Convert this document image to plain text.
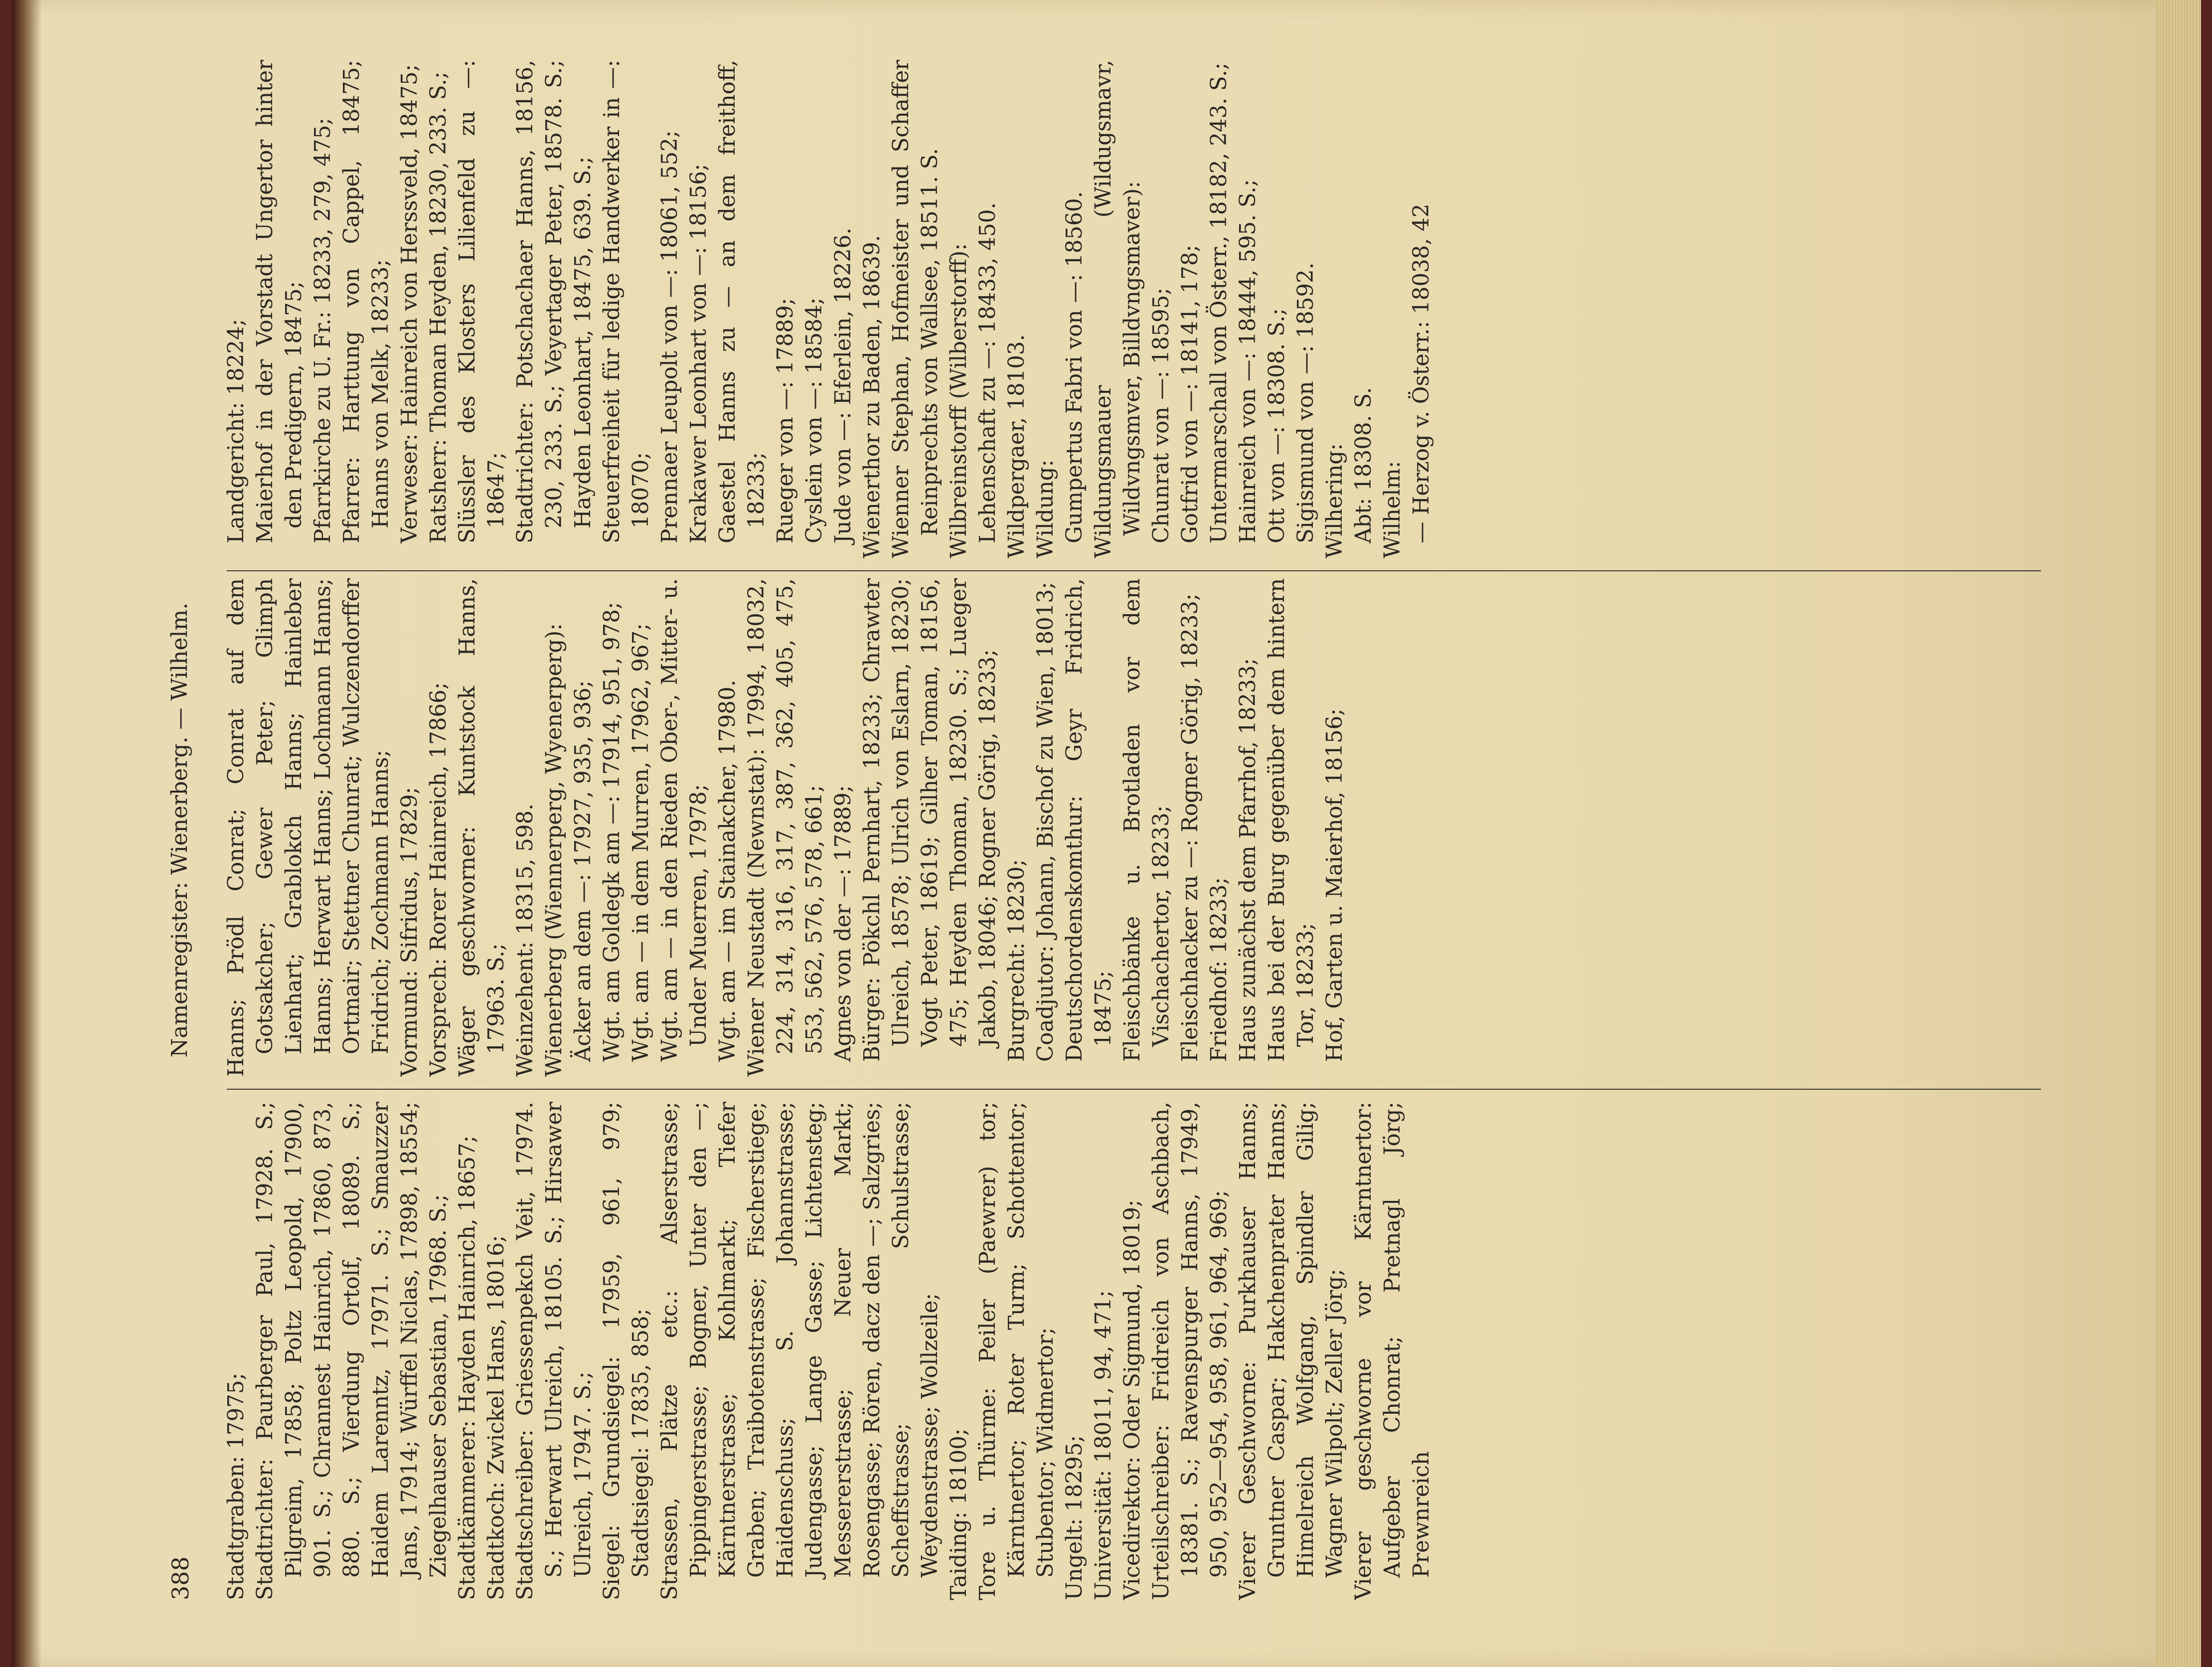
388
Namenregister: Wienerberg. — Wilhelm.

Stadtgraben: 17975; Stadtrichter: Paurberger Paul, 17928. S.; Pilgreim, 17858; Poltz Leopold, 17900, 901. S.; Chrannest Hainrich, 17860, 873, 880. S.; Vierdung Ortolf, 18089. S.; Haidem Larenntz, 17971. S.; Smauzzer Jans, 17914; Würffel Niclas, 17898, 18554; Ziegelhauser Sebastian, 17968. S.; Stadtkämmerer: Hayden Hainrich, 18657; Stadtkoch: Zwickel Hans, 18016; Stadtschreiber: Griessenpekch Veit, 17974. S.; Herwart Ulreich, 18105. S.; Hirsawer Ulreich, 17947. S.; Siegel: Grundsiegel: 17959, 961, 979; Stadtsiegel: 17835, 858; Strassen, Plätze etc.: Alserstrasse; Pippingerstrasse; Bogner, Unter den —; Kärntnerstrasse; Kohlmarkt; Tiefer Graben; Traibotenstrasse; Fischerstiege; Haidenschuss; S. Johannstrasse; Judengasse; Lange Gasse; Lichtensteg; Messererstrasse; Neuer Markt; Rosengasse; Rören, dacz den —; Salzgries; Scheffstrasse; Schulstrasse; Weydenstrasse; Wollzeile; Taiding: 18100; Tore u. Thürme: Peiler (Paewrer) tor; Kärntnertor; Roter Turm; Schottentor; Stubentor; Widmertor; Ungelt: 18295; Universität: 18011, 94, 471; Vicedirektor: Oder Sigmund, 18019; Urteilschreiber: Fridreich von Aschbach, 18381. S.; Ravenspurger Hanns, 17949, 950, 952—954, 958, 961, 964, 969; Vierer Geschworne: Purkhauser Hanns; Gruntner Caspar; Hakchenprater Hanns; Himelreich Wolfgang, Spindler Gilig; Wagner Wilpolt; Zeller Jörg; Vierer geschworne vor Kärntnertor: Aufgeber Chonrat; Pretnagl Jörg; Prewnreich

Hanns; Prödl Conrat; Conrat auf dem Gotsakcher; Gewer Peter; Glimph Lienhart; Grablokch Hanns; Hainleber Hanns; Herwart Hanns; Lochmann Hanns; Ortmair; Stettner Chunrat; Wulczendorffer Fridrich; Zochmann Hanns; Vormund: Sifridus, 17829; Vorsprech: Rorer Hainreich, 17866; Wäger geschworner: Kuntstock Hanns, 17963. S.; Weinzehent: 18315, 598. Wienerberg (Wiennerperg, Wyenerperg): Äcker an dem —: 17927, 935, 936; Wgt. am Goldegk am —: 17914, 951, 978; Wgt. am — in dem Murren, 17962, 967; Wgt. am — in den Rieden Ober-, Mitter- u. Under Muerren, 17978; Wgt. am — im Stainakcher, 17980. Wiener Neustadt (Newnstat): 17994, 18032, 224, 314, 316, 317, 387, 362, 405, 475, 553, 562, 576, 578, 661; Agnes von der —: 17889; Bürger: Pökchl Pernhart, 18233; Chrawter Ulreich, 18578; Ulrich von Eslarn, 18230; Vogt Peter, 18619; Gilher Toman, 18156, 475; Heyden Thoman, 18230. S.; Lueger Jakob, 18046; Rogner Görig, 18233; Burgrecht: 18230; Coadjutor: Johann, Bischof zu Wien, 18013; Deutschordenskomthur: Geyr Fridrich, 18475; Fleischbänke u. Brotladen vor dem Vischachertor, 18233; Fleischhacker zu —: Rogner Görig, 18233; Friedhof: 18233; Haus zunächst dem Pfarrhof, 18233; Haus bei der Burg gegenüber dem hintern Tor, 18233; Hof, Garten u. Maierhof, 18156;

Landgericht: 18224; Maierhof in der Vorstadt Ungertor hinter den Predigern, 18475; Pfarrkirche zu U. Fr.: 18233, 279, 475; Pfarrer: Harttung von Cappel, 18475; Hanns von Melk, 18233; Verweser: Hainreich von Herssveld, 18475; Ratsherr: Thoman Heyden, 18230, 233. S.; Slüssler des Klosters Lilienfeld zu —: 18647; Stadtrichter: Potschachaer Hanns, 18156, 230, 233. S.; Veyertager Peter, 18578. S.; Hayden Leonhart, 18475, 639. S.; Steuerfreiheit für ledige Handwerker in —: 18070; Prennaer Leupolt von —: 18061, 552; Krakawer Leonhart von —: 18156; Gaestel Hanns zu — an dem freithoff, 18233; Rueger von —: 17889; Cyslein von —: 18584; Jude von —: Eferlein, 18226. Wienerthor zu Baden, 18639. Wienner Stephan, Hofmeister und Schaffer Reinprechts von Wallsee, 18511. S. Wilbreinstorff (Wilberstorff): Lehenschaft zu —: 18433, 450. Wildpergaer, 18103. Wildung: Gumpertus Fabri von —: 18560. Wildungsmauer (Wildugsmavr, Wildvngsmver, Billdvngsmaver): Chunrat von —: 18595; Gotfrid von —: 18141, 178; Untermarschall von Österr., 18182, 243. S.; Hainreich von —: 18444, 595. S.; Ott von —: 18308. S.; Sigismund von —: 18592. Wilhering: Abt: 18308. S. Wilhelm: — Herzog v. Österr.: 18038, 42
